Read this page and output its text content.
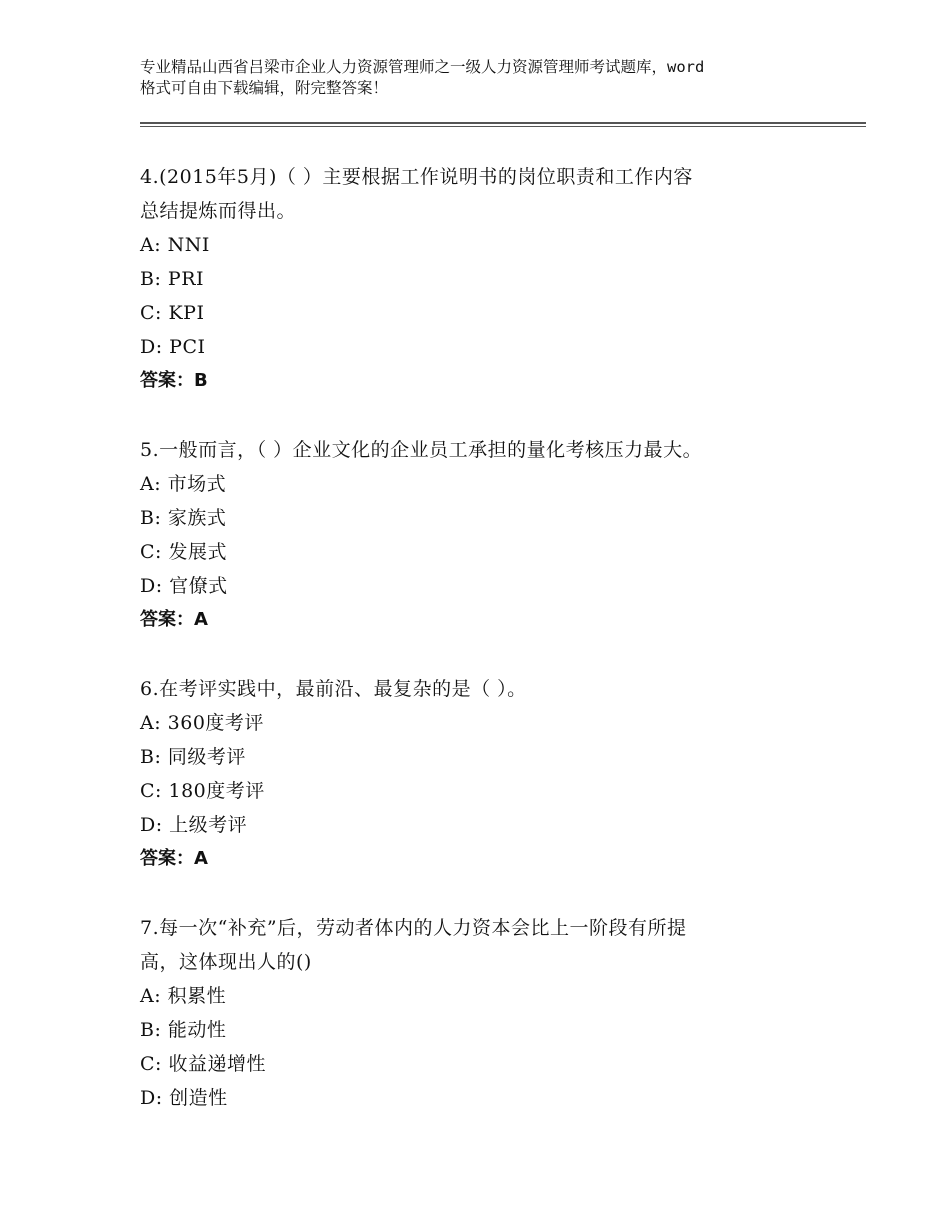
专业精品山西省吕梁市企业人力资源管理师之一级人力资源管理师考试题库，word
格式可自由下载编辑，附完整答案！
4.(2015年5月)（ ）主要根据工作说明书的岗位职责和工作内容
总结提炼而得出。
A: NNI
B: PRI
C: KPI
D: PCI
答案：B
5.一般而言，（ ）企业文化的企业员工承担的量化考核压力最大。
A: 市场式
B: 家族式
C: 发展式
D: 官僚式
答案：A
6.在考评实践中，最前沿、最复杂的是（ ）。
A: 360度考评
B: 同级考评
C: 180度考评
D: 上级考评
答案：A
7.每一次“补充”后，劳动者体内的人力资本会比上一阶段有所提
高，这体现出人的()
A: 积累性
B: 能动性
C: 收益递增性
D: 创造性
